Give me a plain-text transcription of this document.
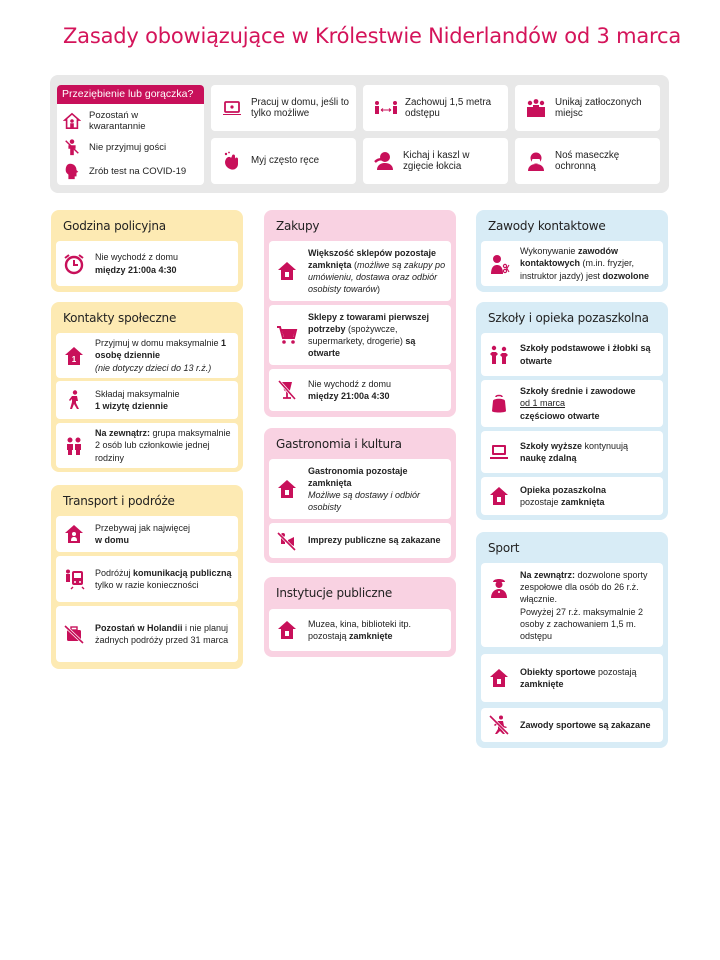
Zasady obowiązujące w Królestwie Niderlandów od 3 marca
Przeziębienie lub gorączka?
Pozostań w kwarantannie
Nie przyjmuj gości
Zrób test na COVID-19
Pracuj w domu, jeśli to tylko możliwe
Zachowuj 1,5 metra odstępu
Unikaj zatłoczonych miejsc
Myj często ręce
Kichaj i kaszl w zgięcie łokcia
Noś maseczkę ochronną
Godzina policyjna
Nie wychodź z domu
między 21:00a 4:30
Kontakty społeczne
1
Przyjmuj w domu maksymalnie 1 osobę dziennie
(nie dotyczy dzieci do 13 r.ż.)
Składaj maksymalnie
1 wizytę dziennie
Na zewnątrz: grupa maksymalnie 2 osób lub członkowie jednej rodziny
Transport i podróże
Przebywaj jak najwięcej
w domu
Podróżuj komunikacją publiczną tylko w razie konieczności
Pozostań w Holandii i nie planuj żadnych podróży przed 31 marca
Zakupy
Większość sklepów pozostaje zamknięta (możliwe są zakupy po umówieniu, dostawa oraz odbiór osobisty towarów)
Sklepy z towarami pierwszej potrzeby (spożywcze, supermarkety, drogerie) są otwarte
Nie wychodź z domu
między 21:00a 4:30
Gastronomia i kultura
Gastronomia pozostaje zamknięta
Możliwe są dostawy i odbiór osobisty
Imprezy publiczne są zakazane
Instytucje publiczne
Muzea, kina, biblioteki itp. pozostają zamknięte
Zawody kontaktowe
Wykonywanie zawodów kontaktowych (m.in. fryzjer, instruktor jazdy) jest dozwolone
Szkoły i opieka pozaszkolna
Szkoły podstawowe i żłobki są otwarte
Szkoły średnie i zawodowe
od 1 marca
częściowo otwarte
Szkoły wyższe kontynuują
naukę zdalną
Opieka pozaszkolna
pozostaje zamknięta
Sport
Na zewnątrz: dozwolone sporty zespołowe dla osób do 26 r.ż. włącznie.
Powyżej 27 r.ż. maksymalnie 2 osoby z zachowaniem 1,5 m. odstępu
Obiekty sportowe pozostają
zamknięte
Zawody sportowe są zakazane
